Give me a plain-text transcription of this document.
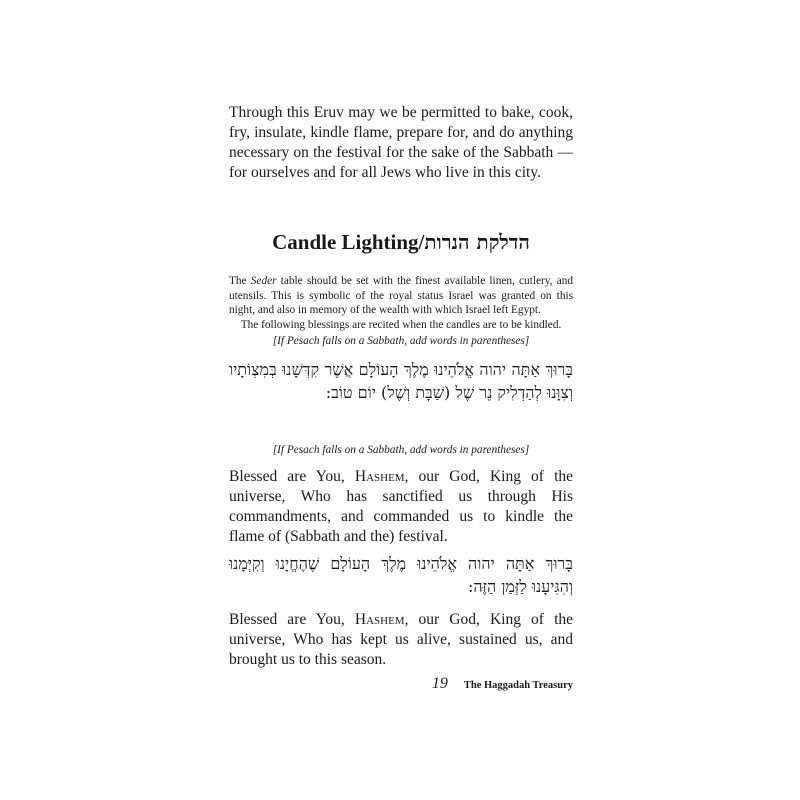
Through this Eruv may we be permitted to bake, cook, fry, insulate, kindle flame, prepare for, and do anything necessary on the festival for the sake of the Sabbath — for ourselves and for all Jews who live in this city.

Candle Lighting/הדלקת הנרות

The Seder table should be set with the finest available linen, cutlery, and utensils. This is symbolic of the royal status Israel was granted on this night, and also in memory of the wealth with which Israel left Egypt.

The following blessings are recited when the candles are to be kindled.

[If Pesach falls on a Sabbath, add words in parentheses]

בָּרוּךְ אַתָּה יהוה אֱלֹהֵינוּ מֶלֶךְ הָעוֹלָם אֲשֶׁר קִדְּשָׁנוּ בְּמִצְוֹתָיו וְצִוָּנוּ לְהַדְלִיק נֵר שֶׁל (שַׁבָּת וְשֶׁל) יוֹם טוֹב:

[If Pesach falls on a Sabbath, add words in parentheses]

Blessed are You, Hashem, our God, King of the universe, Who has sanctified us through His commandments, and commanded us to kindle the flame of (Sabbath and the) festival.

בָּרוּךְ אַתָּה יהוה אֱלֹהֵינוּ מֶלֶךְ הָעוֹלָם שֶׁהֶחֱיָנוּ וְקִיְּמָנוּ וְהִגִּיעָנוּ לַזְּמַן הַזֶּה:

Blessed are You, Hashem, our God, King of the universe, Who has kept us alive, sustained us, and brought us to this season.

19 The Haggadah Treasury
